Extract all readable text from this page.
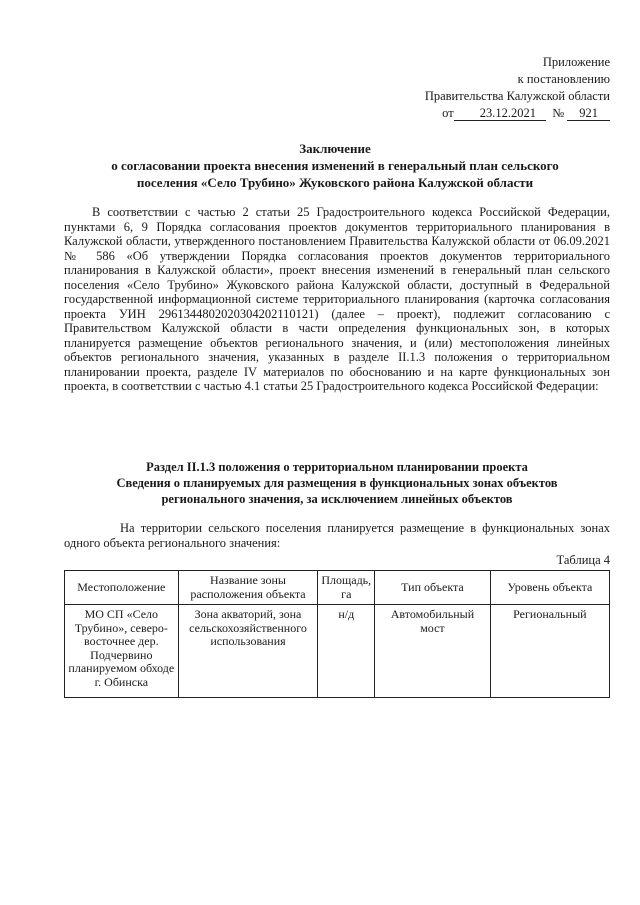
Приложение
к постановлению
Правительства Калужской области
от 23.12.2021 № 921
Заключение
о согласовании проекта внесения изменений в генеральный план сельского
поселения «Село Трубино» Жуковского района Калужской области
В соответствии с частью 2 статьи 25 Градостроительного кодекса Российской Федерации, пунктами 6, 9 Порядка согласования проектов документов территориального планирования в Калужской области, утвержденного постановлением Правительства Калужской области от 06.09.2021 № 586 «Об утверждении Порядка согласования проектов документов территориального планирования в Калужской области», проект внесения изменений в генеральный план сельского поселения «Село Трубино» Жуковского района Калужской области, доступный в Федеральной государственной информационной системе территориального планирования (карточка согласования проекта УИН 2961344802020304202110121) (далее – проект), подлежит согласованию с Правительством Калужской области в части определения функциональных зон, в которых планируется размещение объектов регионального значения, и (или) местоположения линейных объектов регионального значения, указанных в разделе II.1.3 положения о территориальном планировании проекта, разделе IV материалов по обоснованию и на карте функциональных зон проекта, в соответствии с частью 4.1 статьи 25 Градостроительного кодекса Российской Федерации:
Раздел II.1.3 положения о территориальном планировании проекта
Сведения о планируемых для размещения в функциональных зонах объектов
регионального значения, за исключением линейных объектов
На территории сельского поселения планируется размещение в функциональных зонах одного объекта регионального значения:
Таблица 4
Местоположение	Название зоны расположения объекта	Площадь, га	Тип объекта	Уровень объекта
МО СП «Село Трубино», северо-восточнее дер. Подчервино планируемом обходе г. Обинска	Зона акваторий, зона сельскохозяйственного использования	н/д	Автомобильный мост	Региональный
